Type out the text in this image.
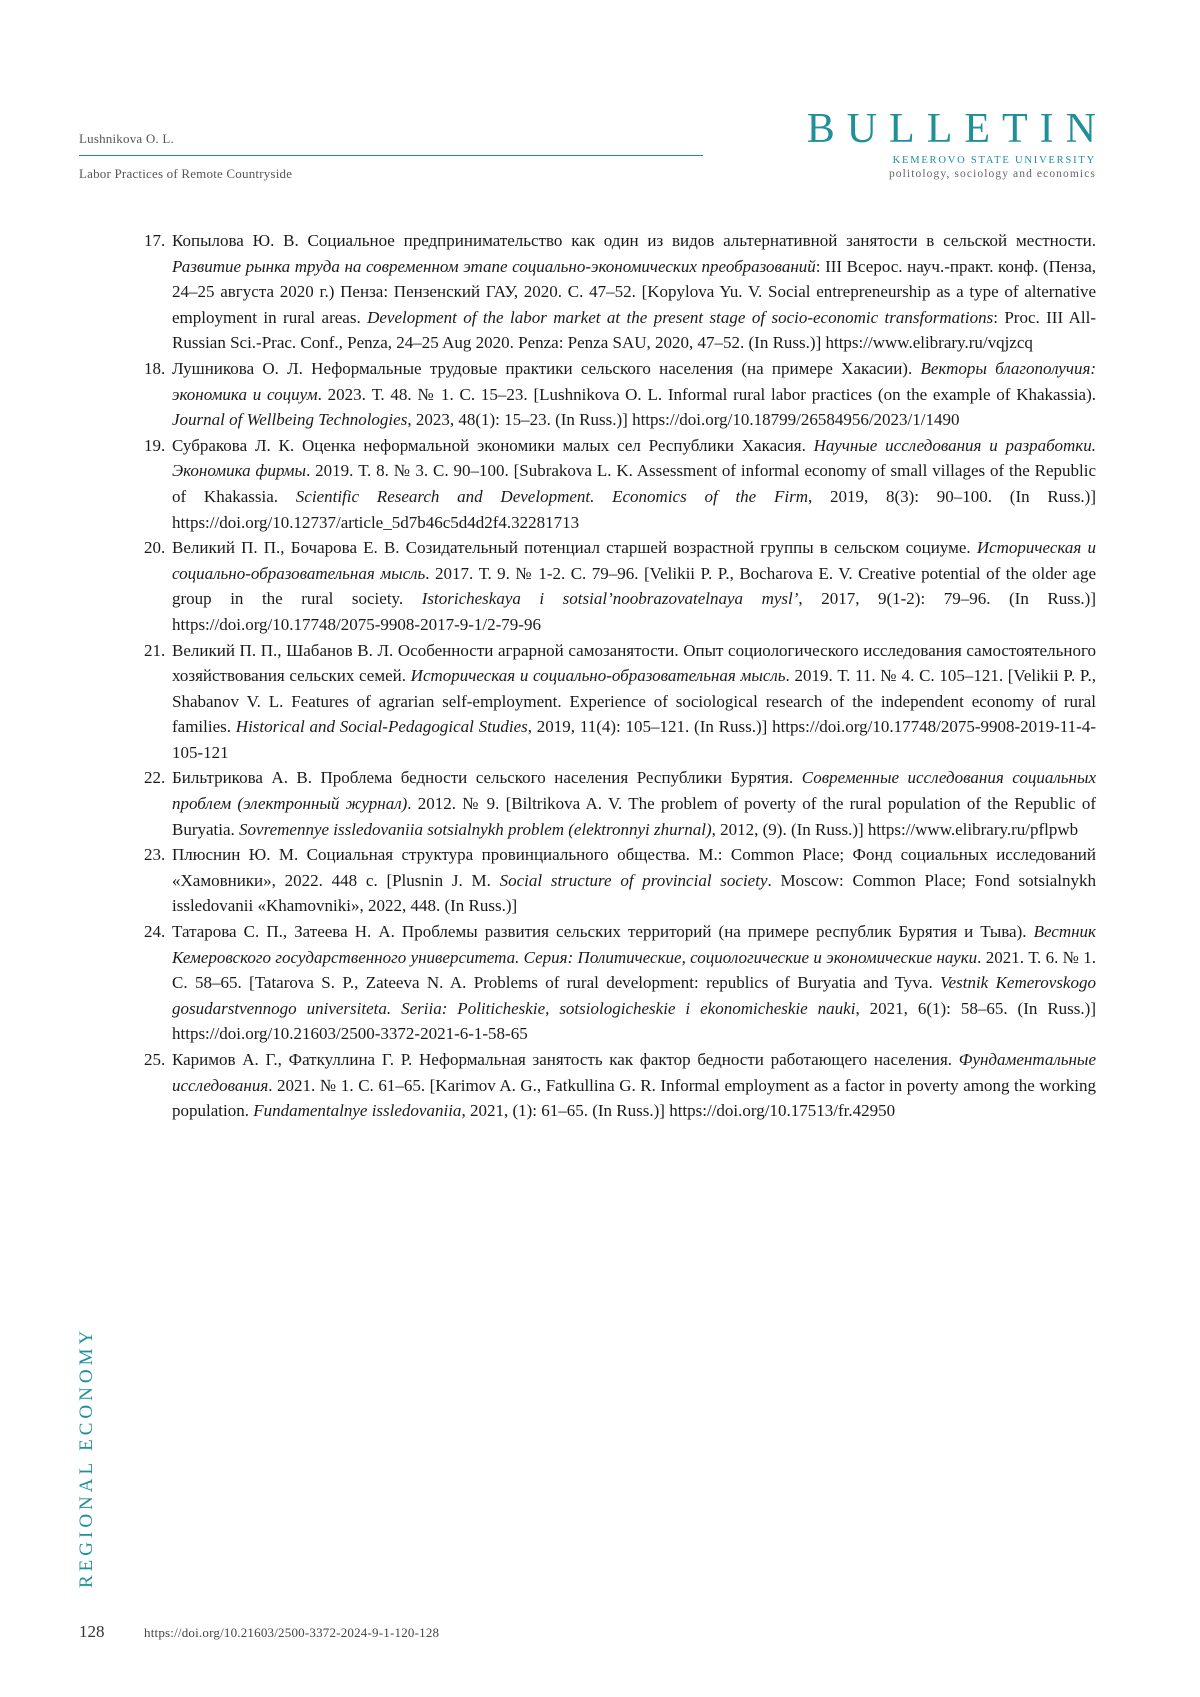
Lushnikova O. L.
Labor Practices of Remote Countryside
BULLETIN
KEMEROVO STATE UNIVERSITY
politology, sociology and economics
17. Копылова Ю. В. Социальное предпринимательство как один из видов альтернативной занятости в сельской местности. Развитие рынка труда на современном этапе социально-экономических преобразований: III Всерос. науч.-практ. конф. (Пенза, 24–25 августа 2020 г.) Пенза: Пензенский ГАУ, 2020. С. 47–52. [Kopylova Yu. V. Social entrepreneurship as a type of alternative employment in rural areas. Development of the labor market at the present stage of socio-economic transformations: Proc. III All-Russian Sci.-Prac. Conf., Penza, 24–25 Aug 2020. Penza: Penza SAU, 2020, 47–52. (In Russ.)] https://www.elibrary.ru/vqjzcq
18. Лушникова О. Л. Неформальные трудовые практики сельского населения (на примере Хакасии). Векторы благополучия: экономика и социум. 2023. Т. 48. № 1. С. 15–23. [Lushnikova O. L. Informal rural labor practices (on the example of Khakassia). Journal of Wellbeing Technologies, 2023, 48(1): 15–23. (In Russ.)] https://doi.org/10.18799/26584956/2023/1/1490
19. Субракова Л. К. Оценка неформальной экономики малых сел Республики Хакасия. Научные исследования и разработки. Экономика фирмы. 2019. Т. 8. № 3. С. 90–100. [Subrakova L. K. Assessment of informal economy of small villages of the Republic of Khakassia. Scientific Research and Development. Economics of the Firm, 2019, 8(3): 90–100. (In Russ.)] https://doi.org/10.12737/article_5d7b46c5d4d2f4.32281713
20. Великий П. П., Бочарова Е. В. Созидательный потенциал старшей возрастной группы в сельском социуме. Историческая и социально-образовательная мысль. 2017. Т. 9. № 1-2. С. 79–96. [Velikii P. P., Bocharova E. V. Creative potential of the older age group in the rural society. Istoricheskaya i sotsial’noobrazovatelnaya mysl’, 2017, 9(1-2): 79–96. (In Russ.)] https://doi.org/10.17748/2075-9908-2017-9-1/2-79-96
21. Великий П. П., Шабанов В. Л. Особенности аграрной самозанятости. Опыт социологического исследования самостоятельного хозяйствования сельских семей. Историческая и социально-образовательная мысль. 2019. Т. 11. № 4. С. 105–121. [Velikii P. P., Shabanov V. L. Features of agrarian self-employment. Experience of sociological research of the independent economy of rural families. Historical and Social-Pedagogical Studies, 2019, 11(4): 105–121. (In Russ.)] https://doi.org/10.17748/2075-9908-2019-11-4-105-121
22. Бильтрикова А. В. Проблема бедности сельского населения Республики Бурятия. Современные исследования социальных проблем (электронный журнал). 2012. № 9. [Biltrikova A. V. The problem of poverty of the rural population of the Republic of Buryatia. Sovremennye issledovaniia sotsialnykh problem (elektronnyi zhurnal), 2012, (9). (In Russ.)] https://www.elibrary.ru/pflpwb
23. Плюснин Ю. М. Социальная структура провинциального общества. М.: Common Place; Фонд социальных исследований «Хамовники», 2022. 448 с. [Plusnin J. M. Social structure of provincial society. Moscow: Common Place; Fond sotsialnykh issledovanii «Khamovniki», 2022, 448. (In Russ.)]
24. Татарова С. П., Затеева Н. А. Проблемы развития сельских территорий (на примере республик Бурятия и Тыва). Вестник Кемеровского государственного университета. Серия: Политические, социологические и экономические науки. 2021. Т. 6. № 1. С. 58–65. [Tatarova S. P., Zateeva N. A. Problems of rural development: republics of Buryatia and Tyva. Vestnik Kemerovskogo gosudarstvennogo universiteta. Seriia: Politicheskie, sotsiologicheskie i ekonomicheskie nauki, 2021, 6(1): 58–65. (In Russ.)] https://doi.org/10.21603/2500-3372-2021-6-1-58-65
25. Каримов А. Г., Фаткуллина Г. Р. Неформальная занятость как фактор бедности работающего населения. Фундаментальные исследования. 2021. № 1. С. 61–65. [Karimov A. G., Fatkullina G. R. Informal employment as a factor in poverty among the working population. Fundamentalnye issledovaniia, 2021, (1): 61–65. (In Russ.)] https://doi.org/10.17513/fr.42950
REGIONAL ECONOMY
128	https://doi.org/10.21603/2500-3372-2024-9-1-120-128
